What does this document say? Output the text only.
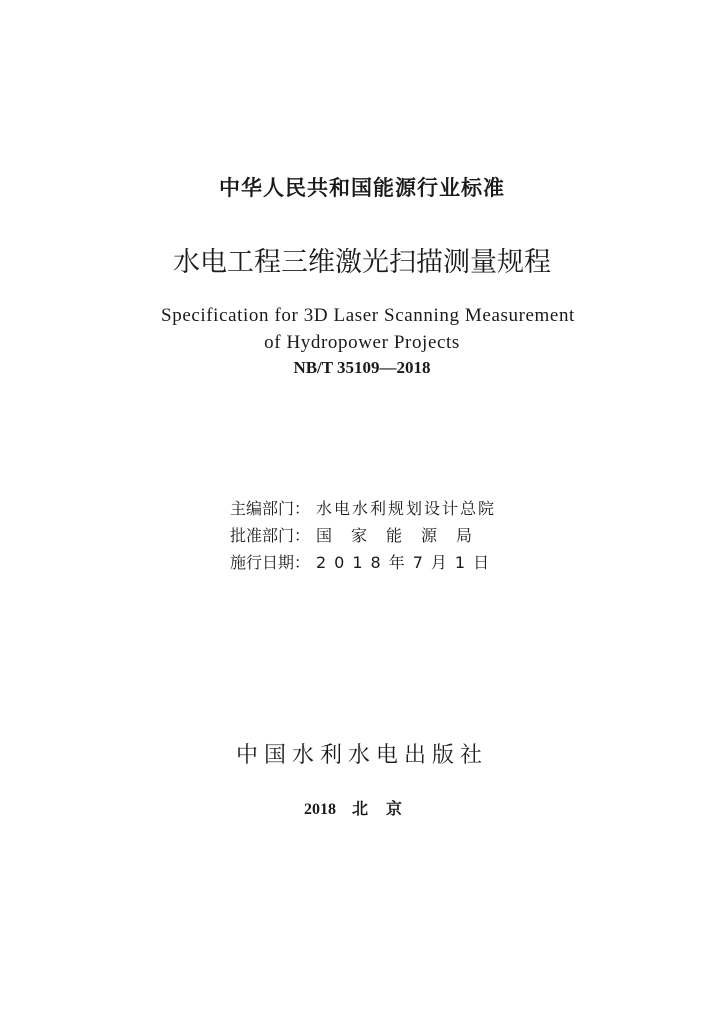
中华人民共和国能源行业标准
水电工程三维激光扫描测量规程
Specification for 3D Laser Scanning Measurement
of Hydropower Projects
NB/T 35109—2018
主编部门： 水电水利规划设计总院
批准部门： 国家能源局
施行日期： 2018年7月1日
中国水利水电出版社
2018 北京
